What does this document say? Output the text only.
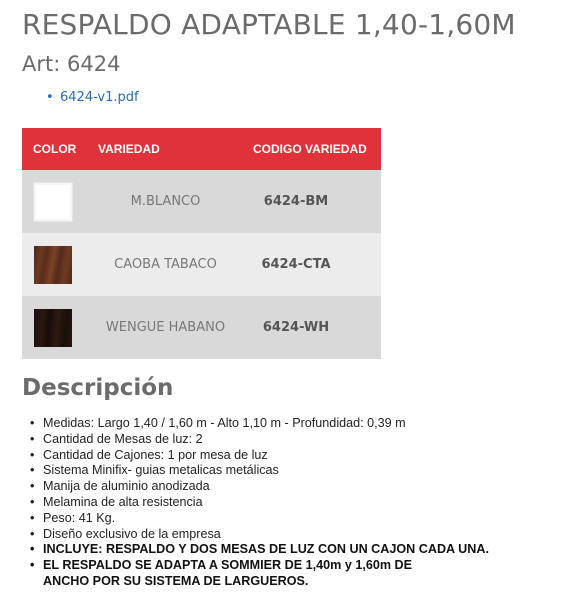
RESPALDO ADAPTABLE 1,40-1,60M
Art: 6424
• 6424-v1.pdf
COLOR	VARIEDAD	CODIGO VARIEDAD

	M.BLANCO	6424-BM

	CAOBA TABACO	6424-CTA

	WENGUE HABANO	6424-WH
Descripción
• Medidas: Largo 1,40 / 1,60 m - Alto 1,10 m - Profundidad: 0,39 m
• Cantidad de Mesas de luz: 2
• Cantidad de Cajones: 1 por mesa de luz
• Sistema Minifix- guias metalicas metálicas
• Manija de aluminio anodizada
• Melamina de alta resistencia
• Peso: 41 Kg.
• Diseño exclusivo de la empresa
• INCLUYE: RESPALDO Y DOS MESAS DE LUZ CON UN CAJON CADA UNA.
• EL RESPALDO SE ADAPTA A SOMMIER DE 1,40m y 1,60m DE
ANCHO POR SU SISTEMA DE LARGUEROS.
